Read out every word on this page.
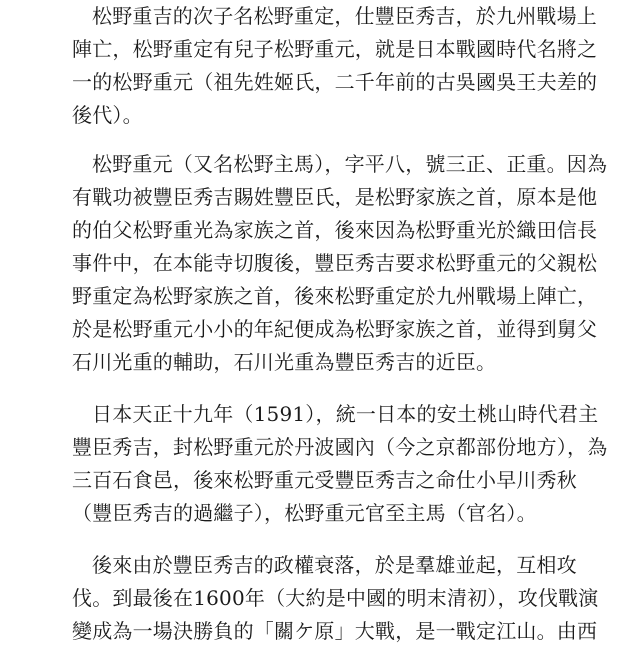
松野重吉的次子名松野重定，仕豐臣秀吉，於九州戰場上
陣亡，松野重定有兒子松野重元，就是日本戰國時代名將之
一的松野重元（祖先姓姬氏，二千年前的古吳國吳王夫差的
後代）。
松野重元（又名松野主馬），字平八，號三正、正重。因為
有戰功被豐臣秀吉賜姓豐臣氏，是松野家族之首，原本是他
的伯父松野重光為家族之首，後來因為松野重光於織田信長
事件中，在本能寺切腹後，豐臣秀吉要求松野重元的父親松
野重定為松野家族之首，後來松野重定於九州戰場上陣亡，
於是松野重元小小的年紀便成為松野家族之首，並得到舅父
石川光重的輔助，石川光重為豐臣秀吉的近臣。
日本天正十九年（1591），統一日本的安土桃山時代君主
豐臣秀吉，封松野重元於丹波國內（今之京都部份地方），為
三百石食邑，後來松野重元受豐臣秀吉之命仕小早川秀秋
（豐臣秀吉的過繼子），松野重元官至主馬（官名）。
後來由於豐臣秀吉的政權衰落，於是羣雄並起，互相攻
伐。到最後在1600年（大約是中國的明末清初），攻伐戰演
變成為一場決勝負的「關ケ原」大戰，是一戰定江山。由西
